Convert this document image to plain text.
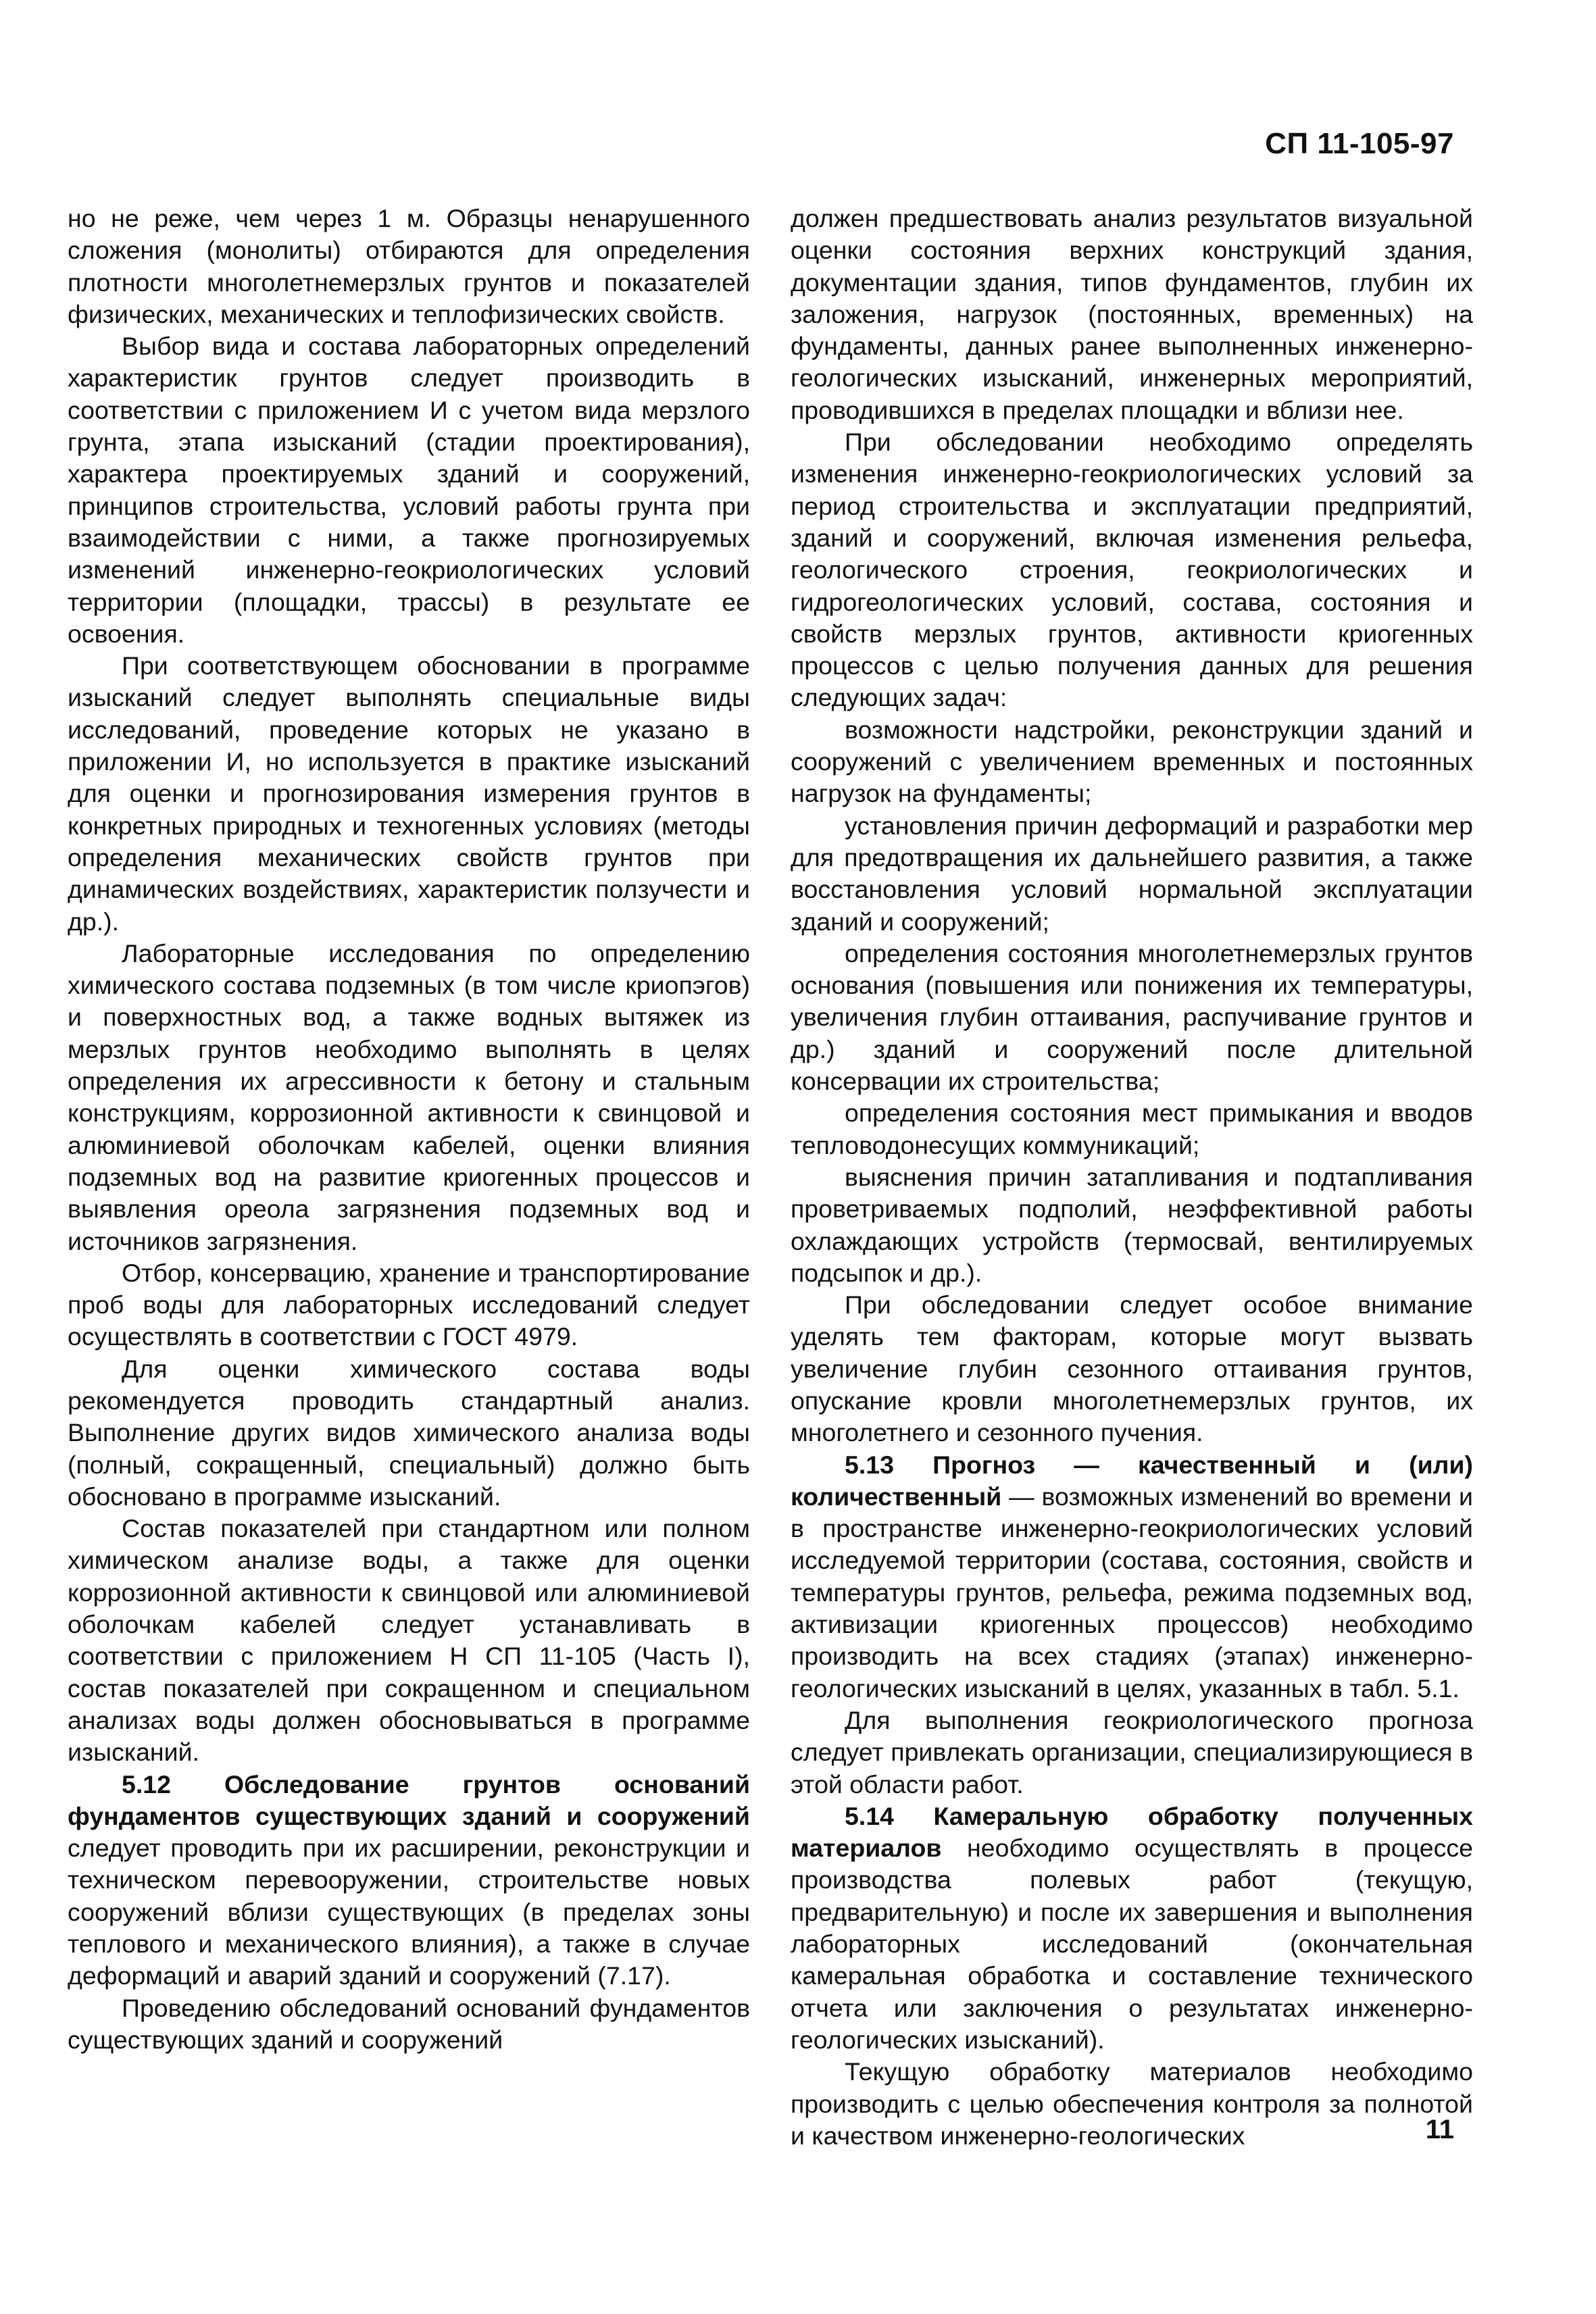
СП 11-105-97

но не реже, чем через 1 м. Образцы ненарушенного сложения (монолиты) отбираются для определения плотности многолетнемерзлых грунтов и показателей физических, механических и теплофизических свойств.

Выбор вида и состава лабораторных определений характеристик грунтов следует производить в соответствии с приложением И с учетом вида мерзлого грунта, этапа изысканий (стадии проектирования), характера проектируемых зданий и сооружений, принципов строительства, условий работы грунта при взаимодействии с ними, а также прогнозируемых изменений инженерно-геокриологических условий территории (площадки, трассы) в результате ее освоения.

При соответствующем обосновании в программе изысканий следует выполнять специальные виды исследований, проведение которых не указано в приложении И, но используется в практике изысканий для оценки и прогнозирования измерения грунтов в конкретных природных и техногенных условиях (методы определения механических свойств грунтов при динамических воздействиях, характеристик ползучести и др.).

Лабораторные исследования по определению химического состава подземных (в том числе криопэгов) и поверхностных вод, а также водных вытяжек из мерзлых грунтов необходимо выполнять в целях определения их агрессивности к бетону и стальным конструкциям, коррозионной активности к свинцовой и алюминиевой оболочкам кабелей, оценки влияния подземных вод на развитие криогенных процессов и выявления ореола загрязнения подземных вод и источников загрязнения.

Отбор, консервацию, хранение и транспортирование проб воды для лабораторных исследований следует осуществлять в соответствии с ГОСТ 4979.

Для оценки химического состава воды рекомендуется проводить стандартный анализ. Выполнение других видов химического анализа воды (полный, сокращенный, специальный) должно быть обосновано в программе изысканий.

Состав показателей при стандартном или полном химическом анализе воды, а также для оценки коррозионной активности к свинцовой или алюминиевой оболочкам кабелей следует устанавливать в соответствии с приложением Н СП 11-105 (Часть I), состав показателей при сокращенном и специальном анализах воды должен обосновываться в программе изысканий.

5.12 Обследование грунтов оснований фундаментов существующих зданий и сооружений следует проводить при их расширении, реконструкции и техническом перевооружении, строительстве новых сооружений вблизи существующих (в пределах зоны теплового и механического влияния), а также в случае деформаций и аварий зданий и сооружений (7.17).

Проведению обследований оснований фундаментов существующих зданий и сооружений

должен предшествовать анализ результатов визуальной оценки состояния верхних конструкций здания, документации здания, типов фундаментов, глубин их заложения, нагрузок (постоянных, временных) на фундаменты, данных ранее выполненных инженерно-геологических изысканий, инженерных мероприятий, проводившихся в пределах площадки и вблизи нее.

При обследовании необходимо определять изменения инженерно-геокриологических условий за период строительства и эксплуатации предприятий, зданий и сооружений, включая изменения рельефа, геологического строения, геокриологических и гидрогеологических условий, состава, состояния и свойств мерзлых грунтов, активности криогенных процессов с целью получения данных для решения следующих задач:

возможности надстройки, реконструкции зданий и сооружений с увеличением временных и постоянных нагрузок на фундаменты;

установления причин деформаций и разработки мер для предотвращения их дальнейшего развития, а также восстановления условий нормальной эксплуатации зданий и сооружений;

определения состояния многолетнемерзлых грунтов основания (повышения или понижения их температуры, увеличения глубин оттаивания, распучивание грунтов и др.) зданий и сооружений после длительной консервации их строительства;

определения состояния мест примыкания и вводов тепловодонесущих коммуникаций;

выяснения причин затапливания и подтапливания проветриваемых подполий, неэффективной работы охлаждающих устройств (термосвай, вентилируемых подсыпок и др.).

При обследовании следует особое внимание уделять тем факторам, которые могут вызвать увеличение глубин сезонного оттаивания грунтов, опускание кровли многолетнемерзлых грунтов, их многолетнего и сезонного пучения.

5.13 Прогноз — качественный и (или) количественный — возможных изменений во времени и в пространстве инженерно-геокриологических условий исследуемой территории (состава, состояния, свойств и температуры грунтов, рельефа, режима подземных вод, активизации криогенных процессов) необходимо производить на всех стадиях (этапах) инженерно-геологических изысканий в целях, указанных в табл. 5.1.

Для выполнения геокриологического прогноза следует привлекать организации, специализирующиеся в этой области работ.

5.14 Камеральную обработку полученных материалов необходимо осуществлять в процессе производства полевых работ (текущую, предварительную) и после их завершения и выполнения лабораторных исследований (окончательная камеральная обработка и составление технического отчета или заключения о результатах инженерно-геологических изысканий).

Текущую обработку материалов необходимо производить с целью обеспечения контроля за полнотой и качеством инженерно-геологических	11
